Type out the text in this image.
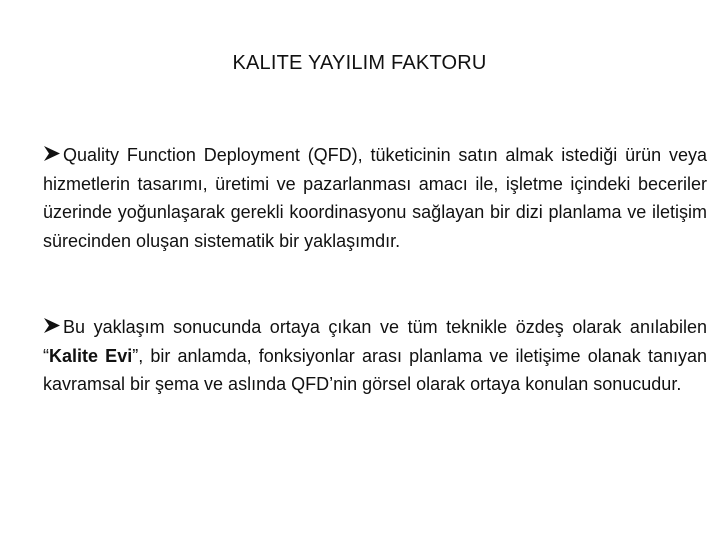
KALITE YAYILIM FAKTORU
Quality Function Deployment (QFD), tüketicinin satın almak istediği ürün veya hizmetlerin tasarımı, üretimi ve pazarlanması amacı ile, işletme içindeki beceriler üzerinde yoğunlaşarak gerekli koordinasyonu sağlayan bir dizi planlama ve iletişim sürecinden oluşan sistematik bir yaklaşımdır.
Bu yaklaşım sonucunda ortaya çıkan ve tüm teknikle özdeş olarak anılabilen “Kalite Evi”, bir anlamda, fonksiyonlar arası planlama ve iletişime olanak tanıyan kavramsal bir şema ve aslında QFD’nin görsel olarak ortaya konulan sonucudur.
